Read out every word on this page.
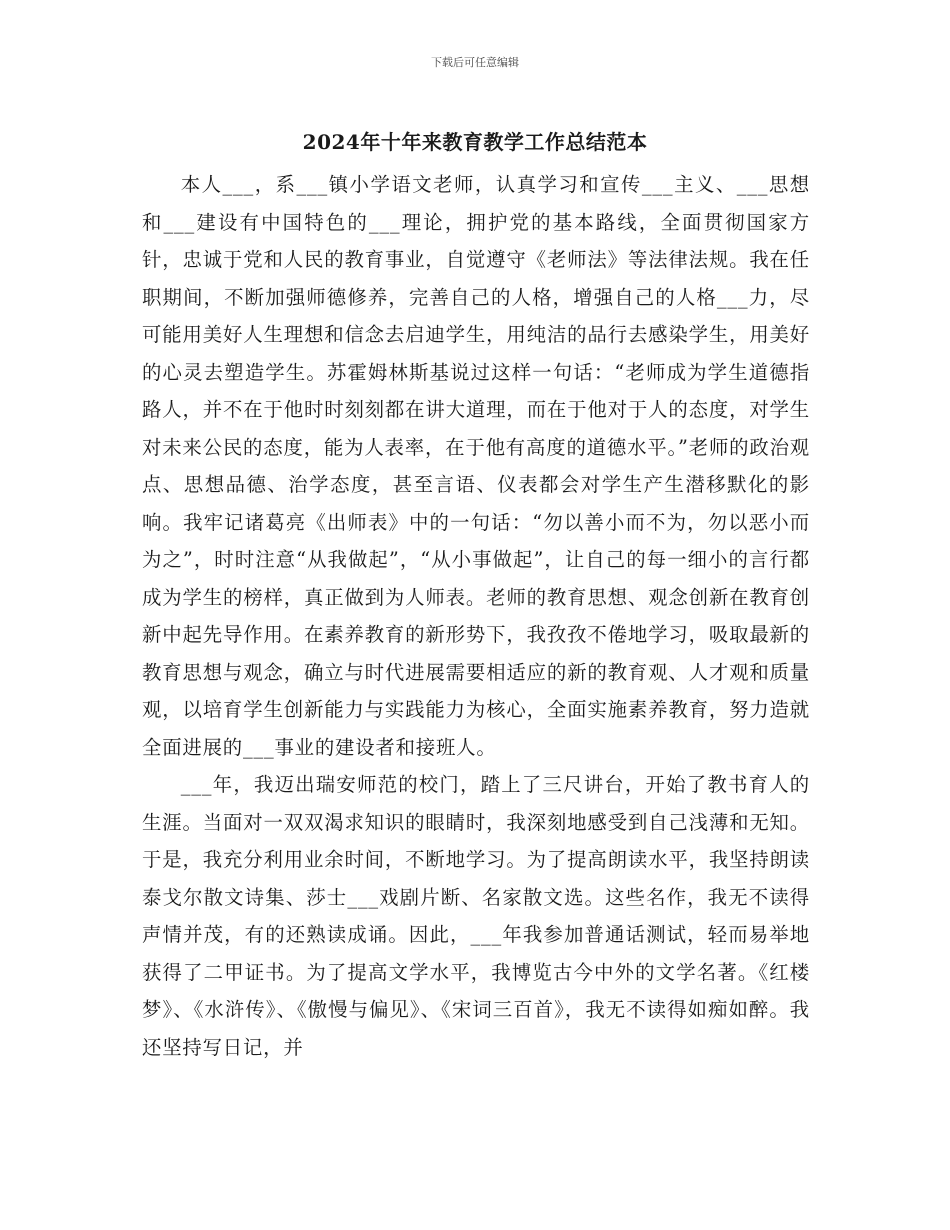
下载后可任意编辑
2024年十年来教育教学工作总结范本

本人___，系___镇小学语文老师，认真学习和宣传___主义、___思想和___建设有中国特色的___理论，拥护党的基本路线，全面贯彻国家方针，忠诚于党和人民的教育事业，自觉遵守《老师法》等法律法规。我在任职期间，不断加强师德修养，完善自己的人格，增强自己的人格___力，尽可能用美好人生理想和信念去启迪学生，用纯洁的品行去感染学生，用美好的心灵去塑造学生。苏霍姆林斯基说过这样一句话：“老师成为学生道德指路人，并不在于他时时刻刻都在讲大道理，而在于他对于人的态度，对学生对未来公民的态度，能为人表率，在于他有高度的道德水平。”老师的政治观点、思想品德、治学态度，甚至言语、仪表都会对学生产生潜移默化的影响。我牢记诸葛亮《出师表》中的一句话：“勿以善小而不为，勿以恶小而为之”，时时注意“从我做起”，“从小事做起”，让自己的每一细小的言行都成为学生的榜样，真正做到为人师表。老师的教育思想、观念创新在教育创新中起先导作用。在素养教育的新形势下，我孜孜不倦地学习，吸取最新的教育思想与观念，确立与时代进展需要相适应的新的教育观、人才观和质量观，以培育学生创新能力与实践能力为核心，全面实施素养教育，努力造就全面进展的___事业的建设者和接班人。

___年，我迈出瑞安师范的校门，踏上了三尺讲台，开始了教书育人的生涯。当面对一双双渴求知识的眼睛时，我深刻地感受到自己浅薄和无知。于是，我充分利用业余时间，不断地学习。为了提高朗读水平，我坚持朗读泰戈尔散文诗集、莎士___戏剧片断、名家散文选。这些名作，我无不读得声情并茂，有的还熟读成诵。因此，___年我参加普通话测试，轻而易举地获得了二甲证书。为了提高文学水平，我博览古今中外的文学名著。《红楼梦》、《水浒传》、《傲慢与偏见》、《宋词三百首》，我无不读得如痴如醉。我还坚持写日记，并
